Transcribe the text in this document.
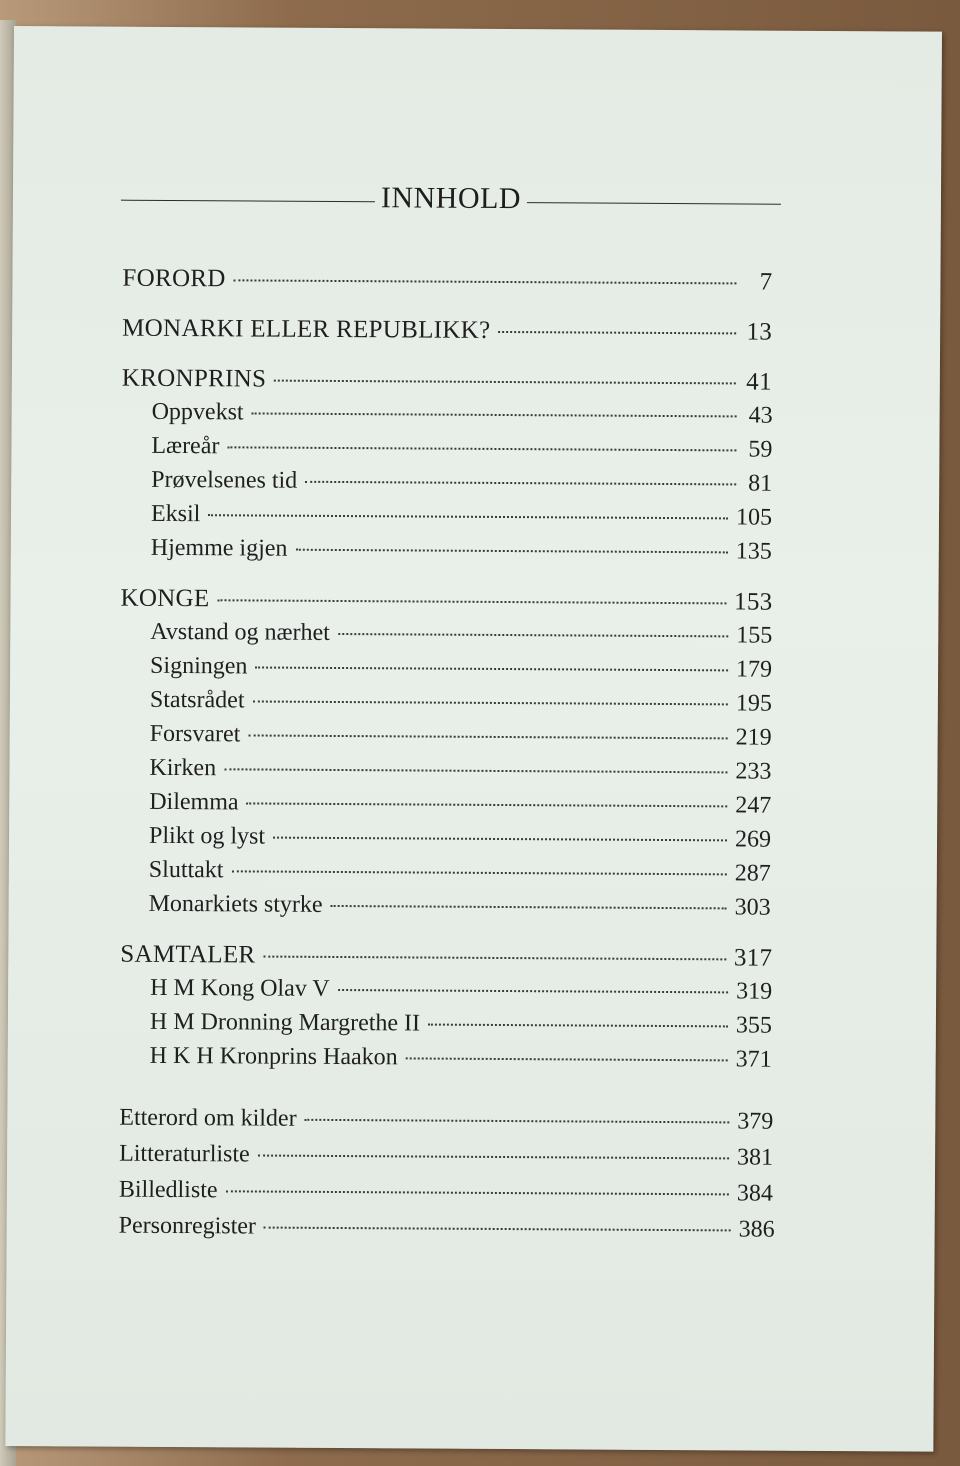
INNHOLD
FORORD	7
MONARKI ELLER REPUBLIKK?	13
KRONPRINS	41
Oppvekst	43
Læreår	59
Prøvelsenes tid	81
Eksil	105
Hjemme igjen	135
KONGE	153
Avstand og nærhet	155
Signingen	179
Statsrådet	195
Forsvaret	219
Kirken	233
Dilemma	247
Plikt og lyst	269
Sluttakt	287
Monarkiets styrke	303
SAMTALER	317
H M Kong Olav V	319
H M Dronning Margrethe II	355
H K H Kronprins Haakon	371
Etterord om kilder	379
Litteraturliste	381
Billedliste	384
Personregister	386
